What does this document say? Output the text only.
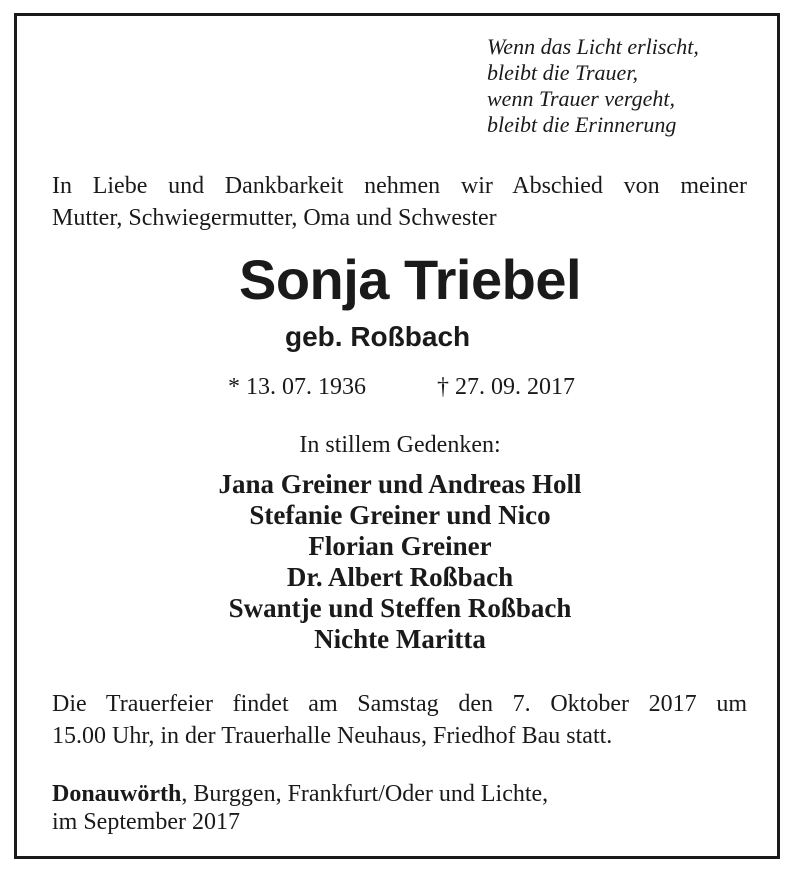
Wenn das Licht erlischt,
bleibt die Trauer,
wenn Trauer vergeht,
bleibt die Erinnerung
In Liebe und Dankbarkeit nehmen wir Abschied von meiner
Mutter, Schwiegermutter, Oma und Schwester
Sonja Triebel
geb. Roßbach
* 13. 07. 1936	† 27. 09. 2017
In stillem Gedenken:
Jana Greiner und Andreas Holl
Stefanie Greiner und Nico
Florian Greiner
Dr. Albert Roßbach
Swantje und Steffen Roßbach
Nichte Maritta
Die Trauerfeier findet am Samstag den 7. Oktober 2017 um
15.00 Uhr, in der Trauerhalle Neuhaus, Friedhof Bau statt.
Donauwörth, Burggen, Frankfurt/Oder und Lichte,
im September 2017
